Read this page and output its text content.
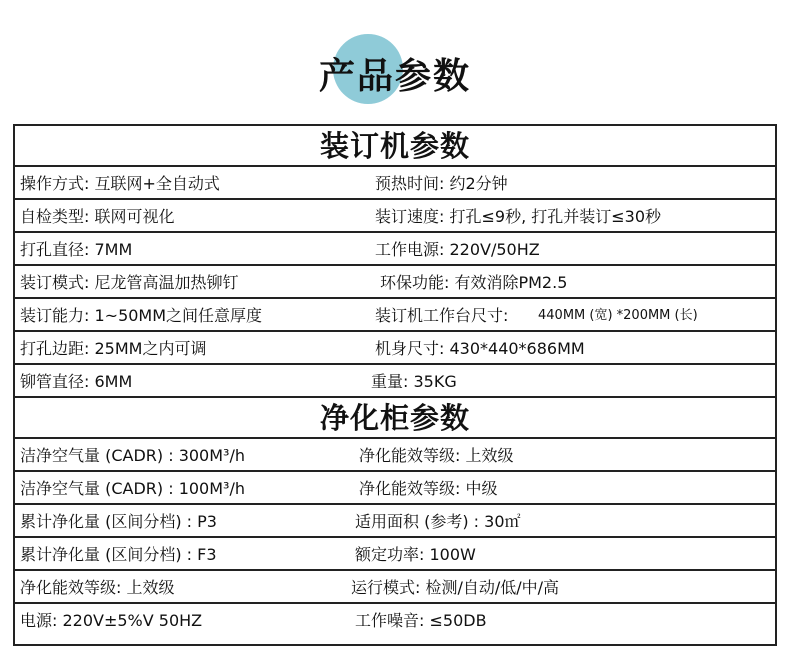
产品参数
装订机参数
操作方式: 互联网+全自动式	预热时间: 约2分钟
自检类型: 联网可视化	装订速度: 打孔≤9秒, 打孔并装订≤30秒
打孔直径: 7MM	工作电源: 220V/50HZ
装订模式: 尼龙管高温加热铆钉	环保功能: 有效消除PM2.5
装订能力: 1~50MM之间任意厚度	装订机工作台尺寸: 440MM (宽) *200MM (长)
打孔边距: 25MM之内可调	机身尺寸: 430*440*686MM
铆管直径: 6MM	重量: 35KG
净化柜参数
洁净空气量 (CADR) : 300M³/h	净化能效等级: 上效级
洁净空气量 (CADR) : 100M³/h	净化能效等级: 中级
累计净化量 (区间分档) : P3	适用面积 (参考) : 30㎡
累计净化量 (区间分档) : F3	额定功率: 100W
净化能效等级: 上效级	运行模式: 检测/自动/低/中/高
电源: 220V±5%V 50HZ	工作噪音: ≤50DB
